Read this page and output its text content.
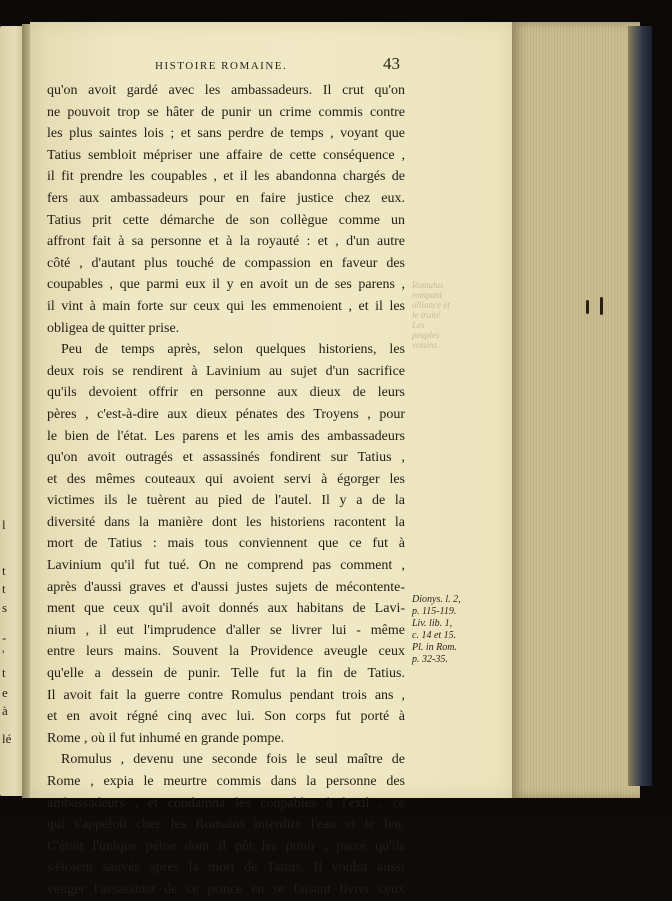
l
t
t
s
-
'
t
e
à
lé
HISTOIRE ROMAINE.	43
Romulus rompant alliance et le traité Les peuples voisins.
qu'on avoit gardé avec les ambassadeurs. Il crut qu'on
ne pouvoit trop se hâter de punir un crime commis contre
les plus saintes lois ; et sans perdre de temps , voyant que
Tatius sembloit mépriser une affaire de cette conséquence ,
il fit prendre les coupables , et il les abandonna chargés de
fers aux ambassadeurs pour en faire justice chez eux.
Tatius prit cette démarche de son collègue comme un
affront fait à sa personne et à la royauté : et , d'un autre
côté , d'autant plus touché de compassion en faveur des
coupables , que parmi eux il y en avoit un de ses parens ,
il vint à main forte sur ceux qui les emmenoient , et il les
obligea de quitter prise.
Peu de temps après, selon quelques historiens, les
deux rois se rendirent à Lavinium au sujet d'un sacrifice
qu'ils devoient offrir en personne aux dieux de leurs
pères , c'est-à-dire aux dieux pénates des Troyens , pour
le bien de l'état. Les parens et les amis des ambassadeurs
qu'on avoit outragés et assassinés fondirent sur Tatius ,
et des mêmes couteaux qui avoient servi à égorger les
victimes ils le tuèrent au pied de l'autel. Il y a de la
diversité dans la manière dont les historiens racontent la
mort de Tatius : mais tous conviennent que ce fut à
Lavinium qu'il fut tué. On ne comprend pas comment ,
après d'aussi graves et d'aussi justes sujets de mécontente-
ment que ceux qu'il avoit donnés aux habitans de Lavi-
nium , il eut l'imprudence d'aller se livrer lui - même
entre leurs mains. Souvent la Providence aveugle ceux
qu'elle a dessein de punir. Telle fut la fin de Tatius.
Il avoit fait la guerre contre Romulus pendant trois ans ,
et en avoit régné cinq avec lui. Son corps fut porté à
Rome , où il fut inhumé en grande pompe.
Romulus , devenu une seconde fois le seul maître de
Rome , expia le meurtre commis dans la personne des
ambassadeurs , et condamna les coupables à l'exil , ce
qui s'appeloit chez les Romains interdire l'eau et le feu.
C'étoit l'unique peine dont il pût les punir , parce qu'ils
s'étoient sauvés après la mort de Tatius. Il voulut aussi
venger l'assassinat de ce prince en se faisant livrer ceux
Dionys. l. 2,
p. 115-119.
Liv. lib. 1,
c. 14 et 15.
Pl. in Rom.
p. 32-35.
